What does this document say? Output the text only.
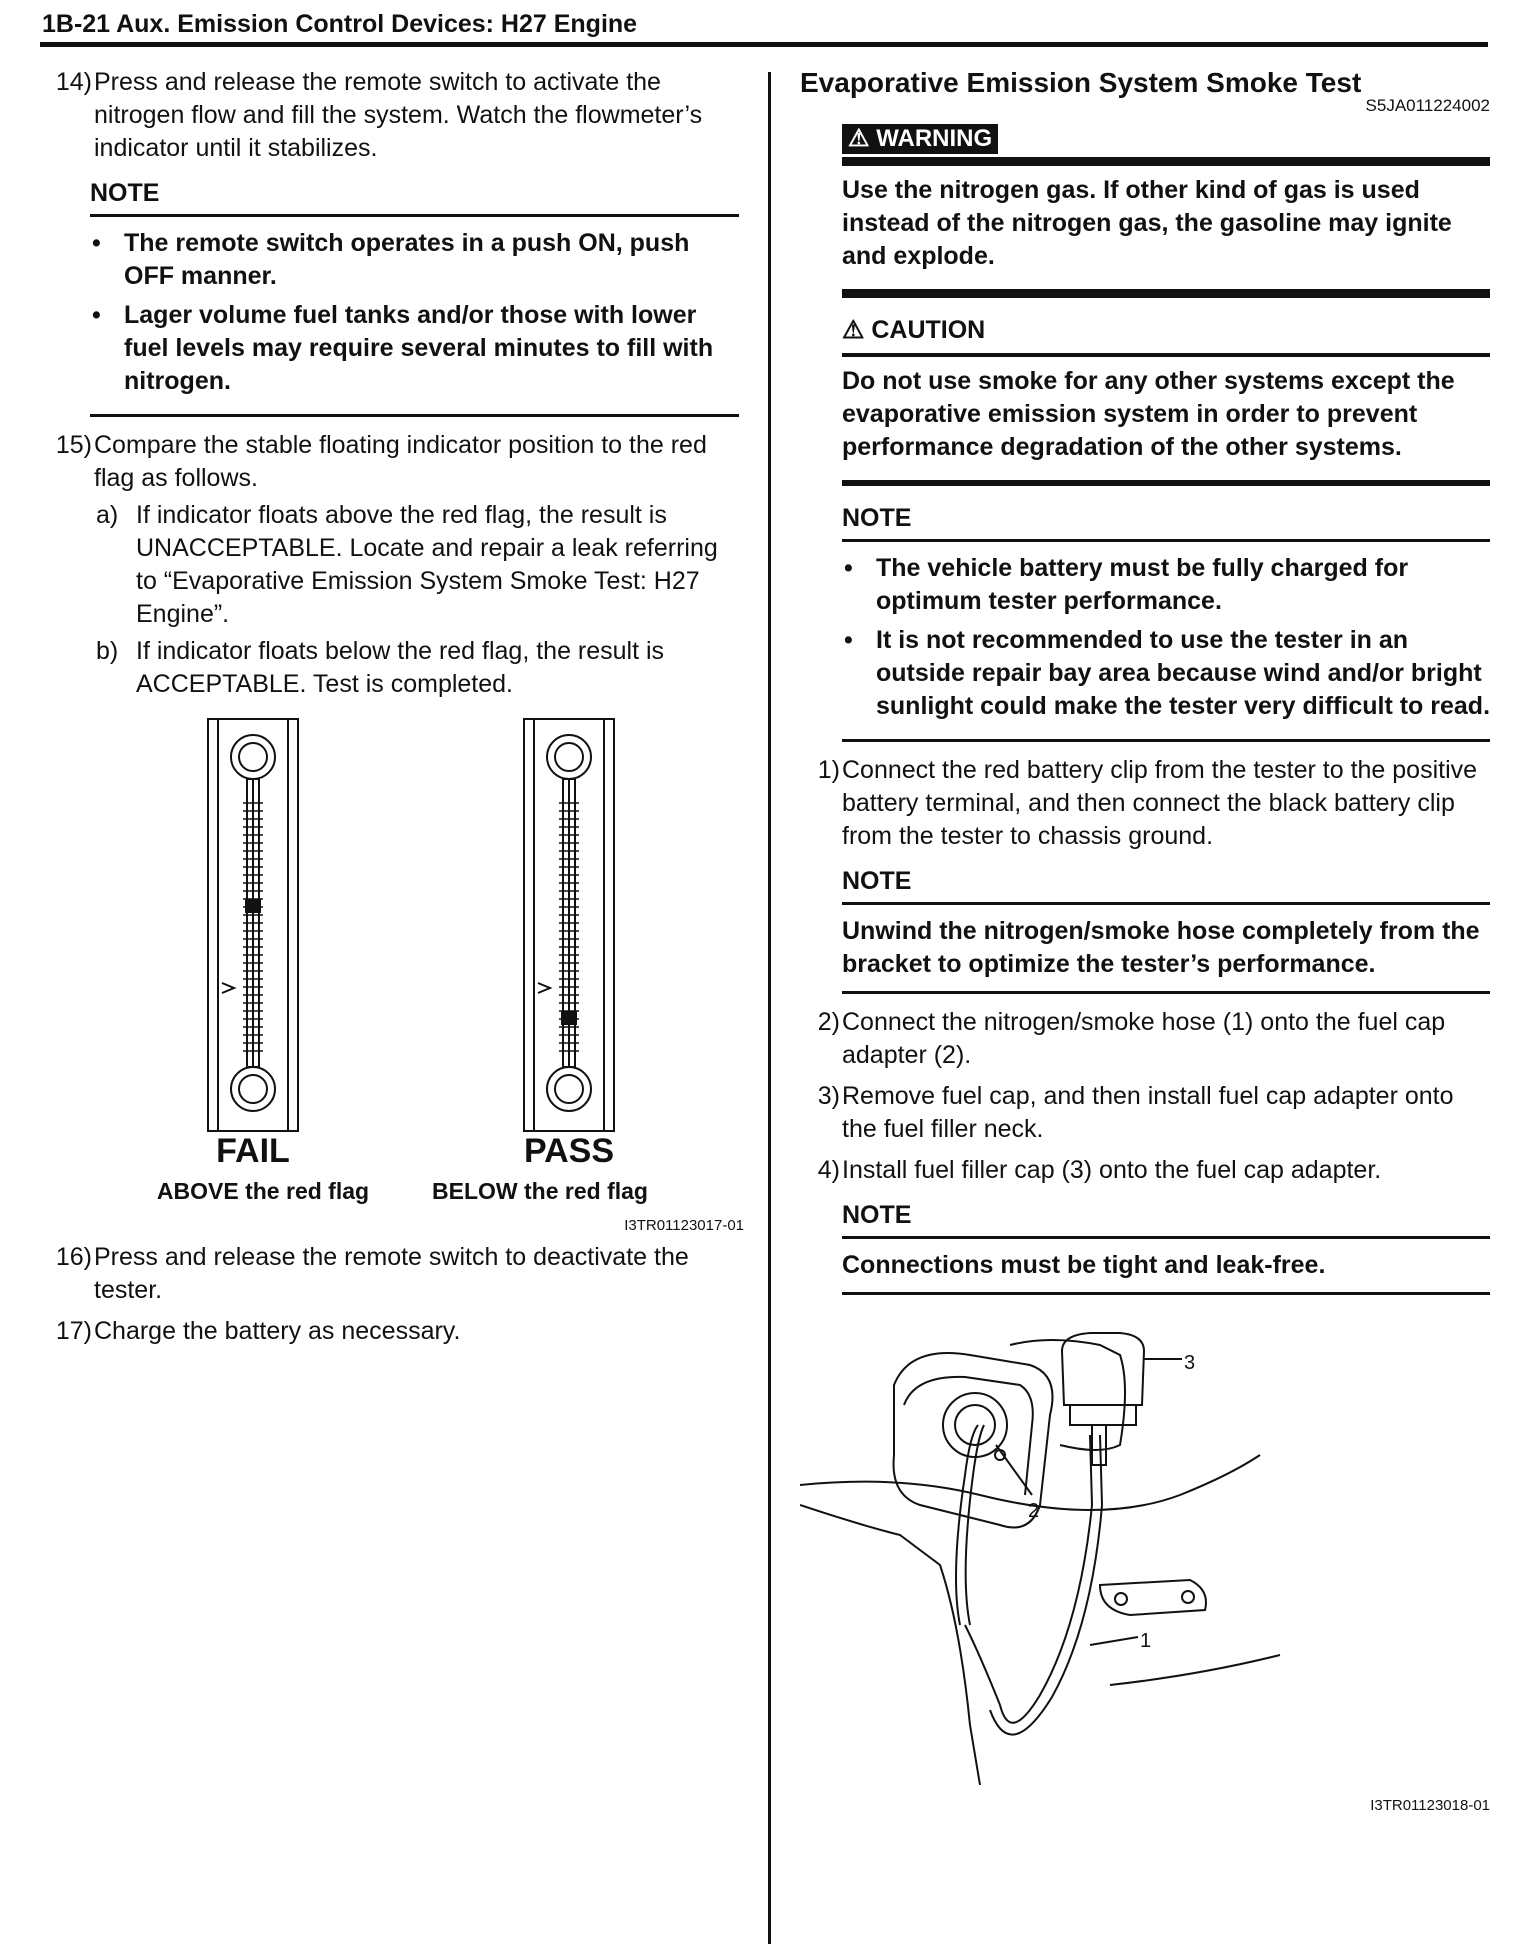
1B-21 Aux. Emission Control Devices: H27 Engine
14) Press and release the remote switch to activate the nitrogen flow and fill the system. Watch the flowmeter’s indicator until it stabilizes.
NOTE
• The remote switch operates in a push ON, push OFF manner.
• Lager volume fuel tanks and/or those with lower fuel levels may require several minutes to fill with nitrogen.
15) Compare the stable floating indicator position to the red flag as follows.
a) If indicator floats above the red flag, the result is UNACCEPTABLE. Locate and repair a leak referring to “Evaporative Emission System Smoke Test: H27 Engine”.
b) If indicator floats below the red flag, the result is ACCEPTABLE. Test is completed.
FAIL	PASS
ABOVE the red flag	BELOW the red flag
I3TR01123017-01
16) Press and release the remote switch to deactivate the tester.
17) Charge the battery as necessary.
Evaporative Emission System Smoke Test
S5JA011224002
⚠ WARNING
Use the nitrogen gas. If other kind of gas is used instead of the nitrogen gas, the gasoline may ignite and explode.
⚠ CAUTION
Do not use smoke for any other systems except the evaporative emission system in order to prevent performance degradation of the other systems.
NOTE
• The vehicle battery must be fully charged for optimum tester performance.
• It is not recommended to use the tester in an outside repair bay area because wind and/or bright sunlight could make the tester very difficult to read.
1) Connect the red battery clip from the tester to the positive battery terminal, and then connect the black battery clip from the tester to chassis ground.
NOTE
Unwind the nitrogen/smoke hose completely from the bracket to optimize the tester’s performance.
2) Connect the nitrogen/smoke hose (1) onto the fuel cap adapter (2).
3) Remove fuel cap, and then install fuel cap adapter onto the fuel filler neck.
4) Install fuel filler cap (3) onto the fuel cap adapter.
NOTE
Connections must be tight and leak-free.
3
2
1
I3TR01123018-01
